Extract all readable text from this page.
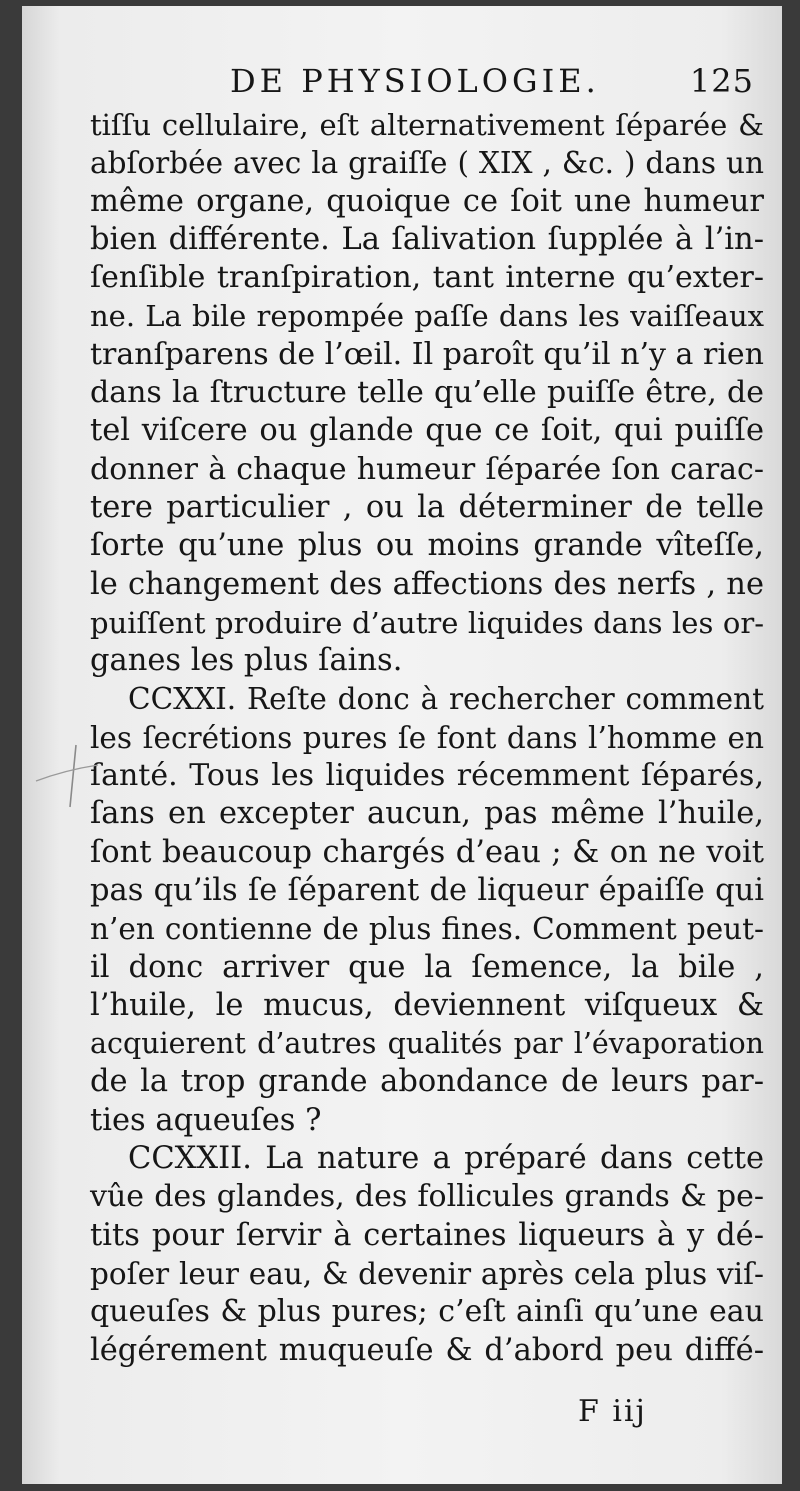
DE PHYSIOLOGIE.	125
tiſſu cellulaire, eſt alternativement ſéparée &
abſorbée avec la graiſſe ( XIX , &c. ) dans un
même organe, quoique ce ſoit une humeur
bien différente. La ſalivation ſupplée à l’in-
ſenſible tranſpiration, tant interne qu’exter-
ne. La bile repompée paſſe dans les vaiſſeaux
tranſparens de l’œil. Il paroît qu’il n’y a rien
dans la ſtructure telle qu’elle puiſſe être, de
tel viſcere ou glande que ce ſoit, qui puiſſe
donner à chaque humeur ſéparée ſon carac-
tere particulier , ou la déterminer de telle
ſorte qu’une plus ou moins grande vîteſſe,
le changement des affections des nerfs , ne
puiſſent produire d’autre liquides dans les or-
ganes les plus ſains.
CCXXI. Reſte donc à rechercher comment
les ſecrétions pures ſe font dans l’homme en
ſanté. Tous les liquides récemment ſéparés,
ſans en excepter aucun, pas même l’huile,
ſont beaucoup chargés d’eau ; & on ne voit
pas qu’ils ſe ſéparent de liqueur épaiſſe qui
n’en contienne de plus fines. Comment peut-
il donc arriver que la ſemence, la bile ,
l’huile, le mucus, deviennent viſqueux &
acquierent d’autres qualités par l’évaporation
de la trop grande abondance de leurs par-
ties aqueuſes ?
CCXXII. La nature a préparé dans cette
vûe des glandes, des follicules grands & pe-
tits pour ſervir à certaines liqueurs à y dé-
poſer leur eau, & devenir après cela plus viſ-
queuſes & plus pures; c’eſt ainſi qu’une eau
légérement muqueuſe & d’abord peu diffé-
F iij
